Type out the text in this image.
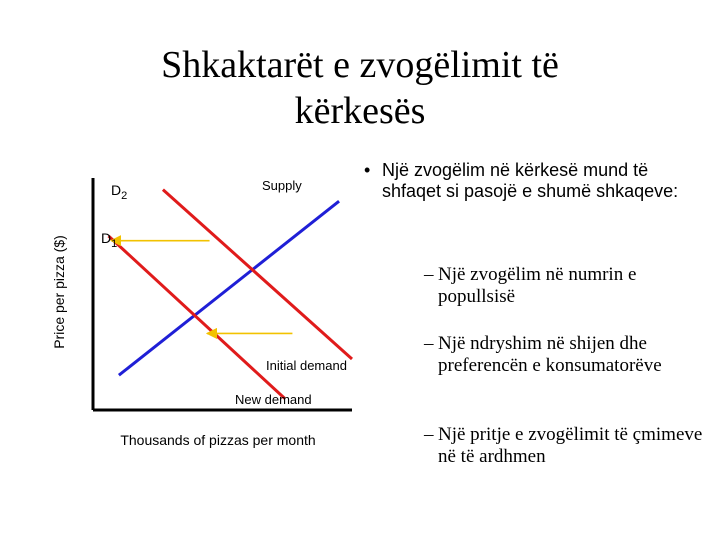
Shkaktarët e zvogëlimit të kërkesës
Price per pizza ($)
Thousands of pizzas per month
$D_2$
$D_1$
Supply
Initial demand
New demand
• Një zvogëlim në kërkesë mund të shfaqet si pasojë e shumë shkaqeve:
– Një zvogëlim në numrin e popullsisë
– Një ndryshim në shijen dhe preferencën e konsumatorëve
– Një pritje e zvogëlimit të çmimeve në të ardhmen
